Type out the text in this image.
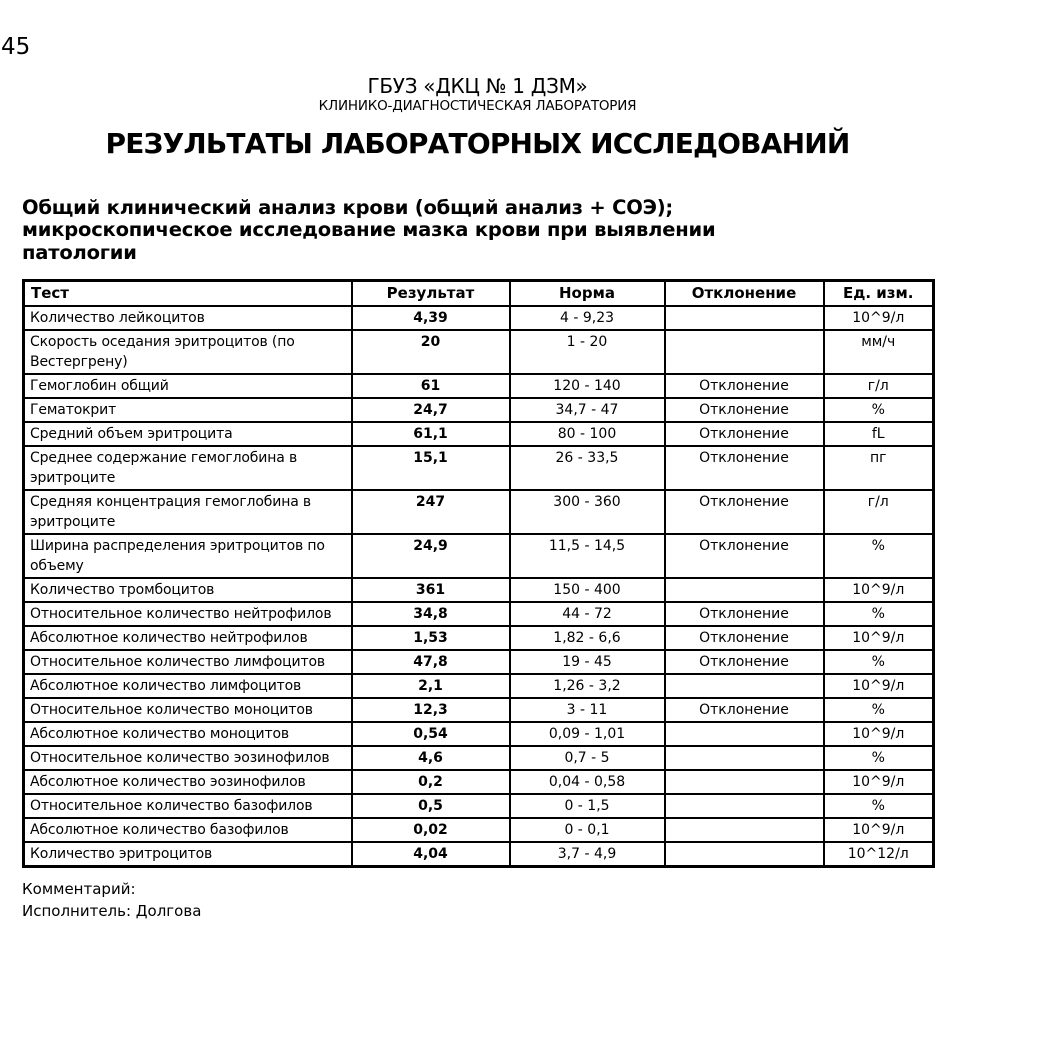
45
ГБУЗ «ДКЦ № 1 ДЗМ»
КЛИНИКО-ДИАГНОСТИЧЕСКАЯ ЛАБОРАТОРИЯ
РЕЗУЛЬТАТЫ ЛАБОРАТОРНЫХ ИССЛЕДОВАНИЙ
Общий клинический анализ крови (общий анализ + СОЭ);
микроскопическое исследование мазка крови при выявлении
патологии
Тест	Результат	Норма	Отклонение	Ед. изм.
Количество лейкоцитов	4,39	4 - 9,23		10^9/л
Скорость оседания эритроцитов (по Вестергрену)	20	1 - 20		мм/ч
Гемоглобин общий	61	120 - 140	Отклонение	г/л
Гематокрит	24,7	34,7 - 47	Отклонение	%
Средний объем эритроцита	61,1	80 - 100	Отклонение	fL
Среднее содержание гемоглобина в эритроците	15,1	26 - 33,5	Отклонение	пг
Средняя концентрация гемоглобина в эритроците	247	300 - 360	Отклонение	г/л
Ширина распределения эритроцитов по объему	24,9	11,5 - 14,5	Отклонение	%
Количество тромбоцитов	361	150 - 400		10^9/л
Относительное количество нейтрофилов	34,8	44 - 72	Отклонение	%
Абсолютное количество нейтрофилов	1,53	1,82 - 6,6	Отклонение	10^9/л
Относительное количество лимфоцитов	47,8	19 - 45	Отклонение	%
Абсолютное количество лимфоцитов	2,1	1,26 - 3,2		10^9/л
Относительное количество моноцитов	12,3	3 - 11	Отклонение	%
Абсолютное количество моноцитов	0,54	0,09 - 1,01		10^9/л
Относительное количество эозинофилов	4,6	0,7 - 5		%
Абсолютное количество эозинофилов	0,2	0,04 - 0,58		10^9/л
Относительное количество базофилов	0,5	0 - 1,5		%
Абсолютное количество базофилов	0,02	0 - 0,1		10^9/л
Количество эритроцитов	4,04	3,7 - 4,9		10^12/л
Комментарий:
Исполнитель: Долгова
